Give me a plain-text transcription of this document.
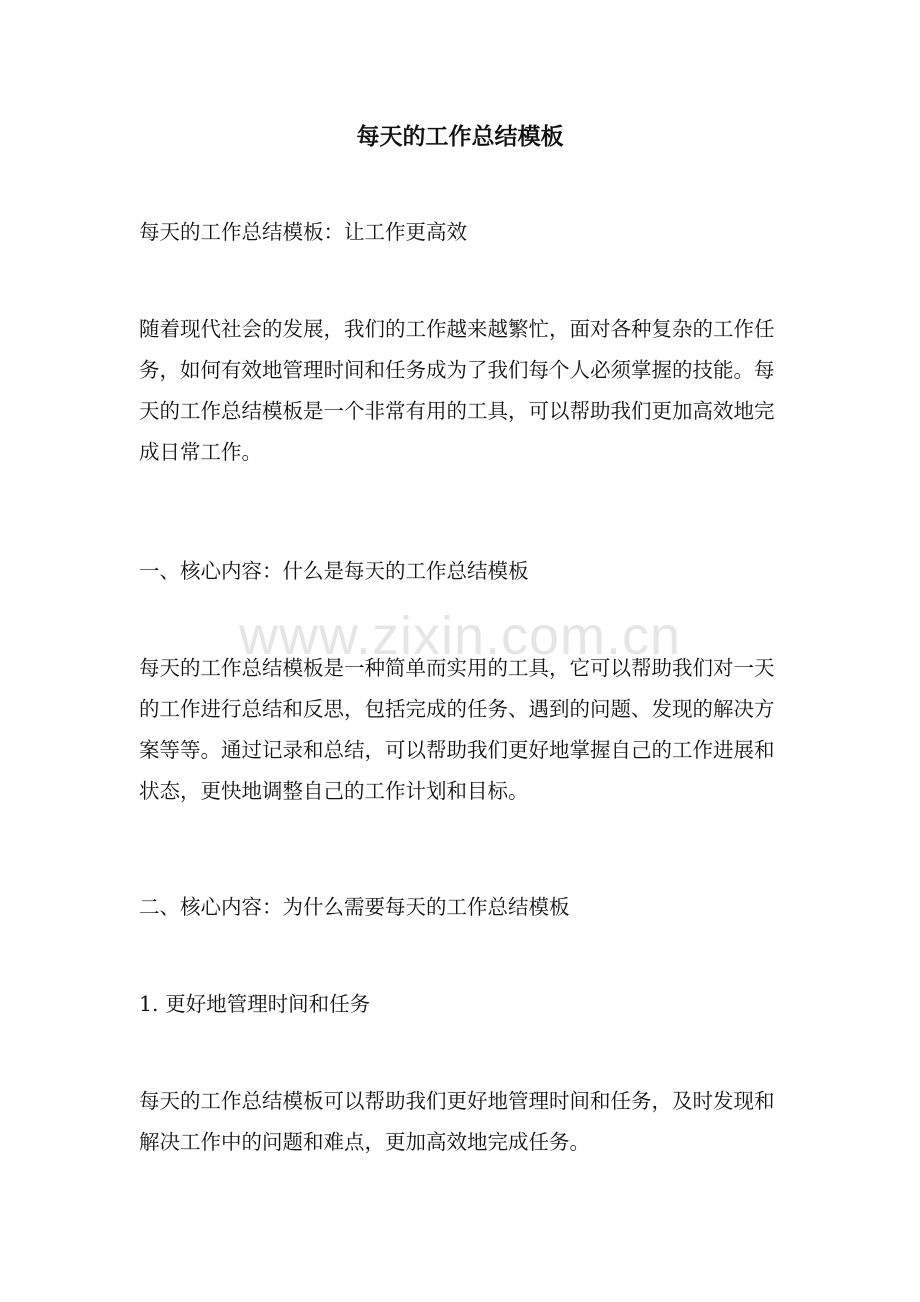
每天的工作总结模板
每天的工作总结模板：让工作更高效
随着现代社会的发展，我们的工作越来越繁忙，面对各种复杂的工作任务，如何有效地管理时间和任务成为了我们每个人必须掌握的技能。每天的工作总结模板是一个非常有用的工具，可以帮助我们更加高效地完成日常工作。
一、核心内容：什么是每天的工作总结模板
www.zixin.com.cn
每天的工作总结模板是一种简单而实用的工具，它可以帮助我们对一天的工作进行总结和反思，包括完成的任务、遇到的问题、发现的解决方案等等。通过记录和总结，可以帮助我们更好地掌握自己的工作进展和状态，更快地调整自己的工作计划和目标。
二、核心内容：为什么需要每天的工作总结模板
1. 更好地管理时间和任务
每天的工作总结模板可以帮助我们更好地管理时间和任务，及时发现和解决工作中的问题和难点，更加高效地完成任务。
